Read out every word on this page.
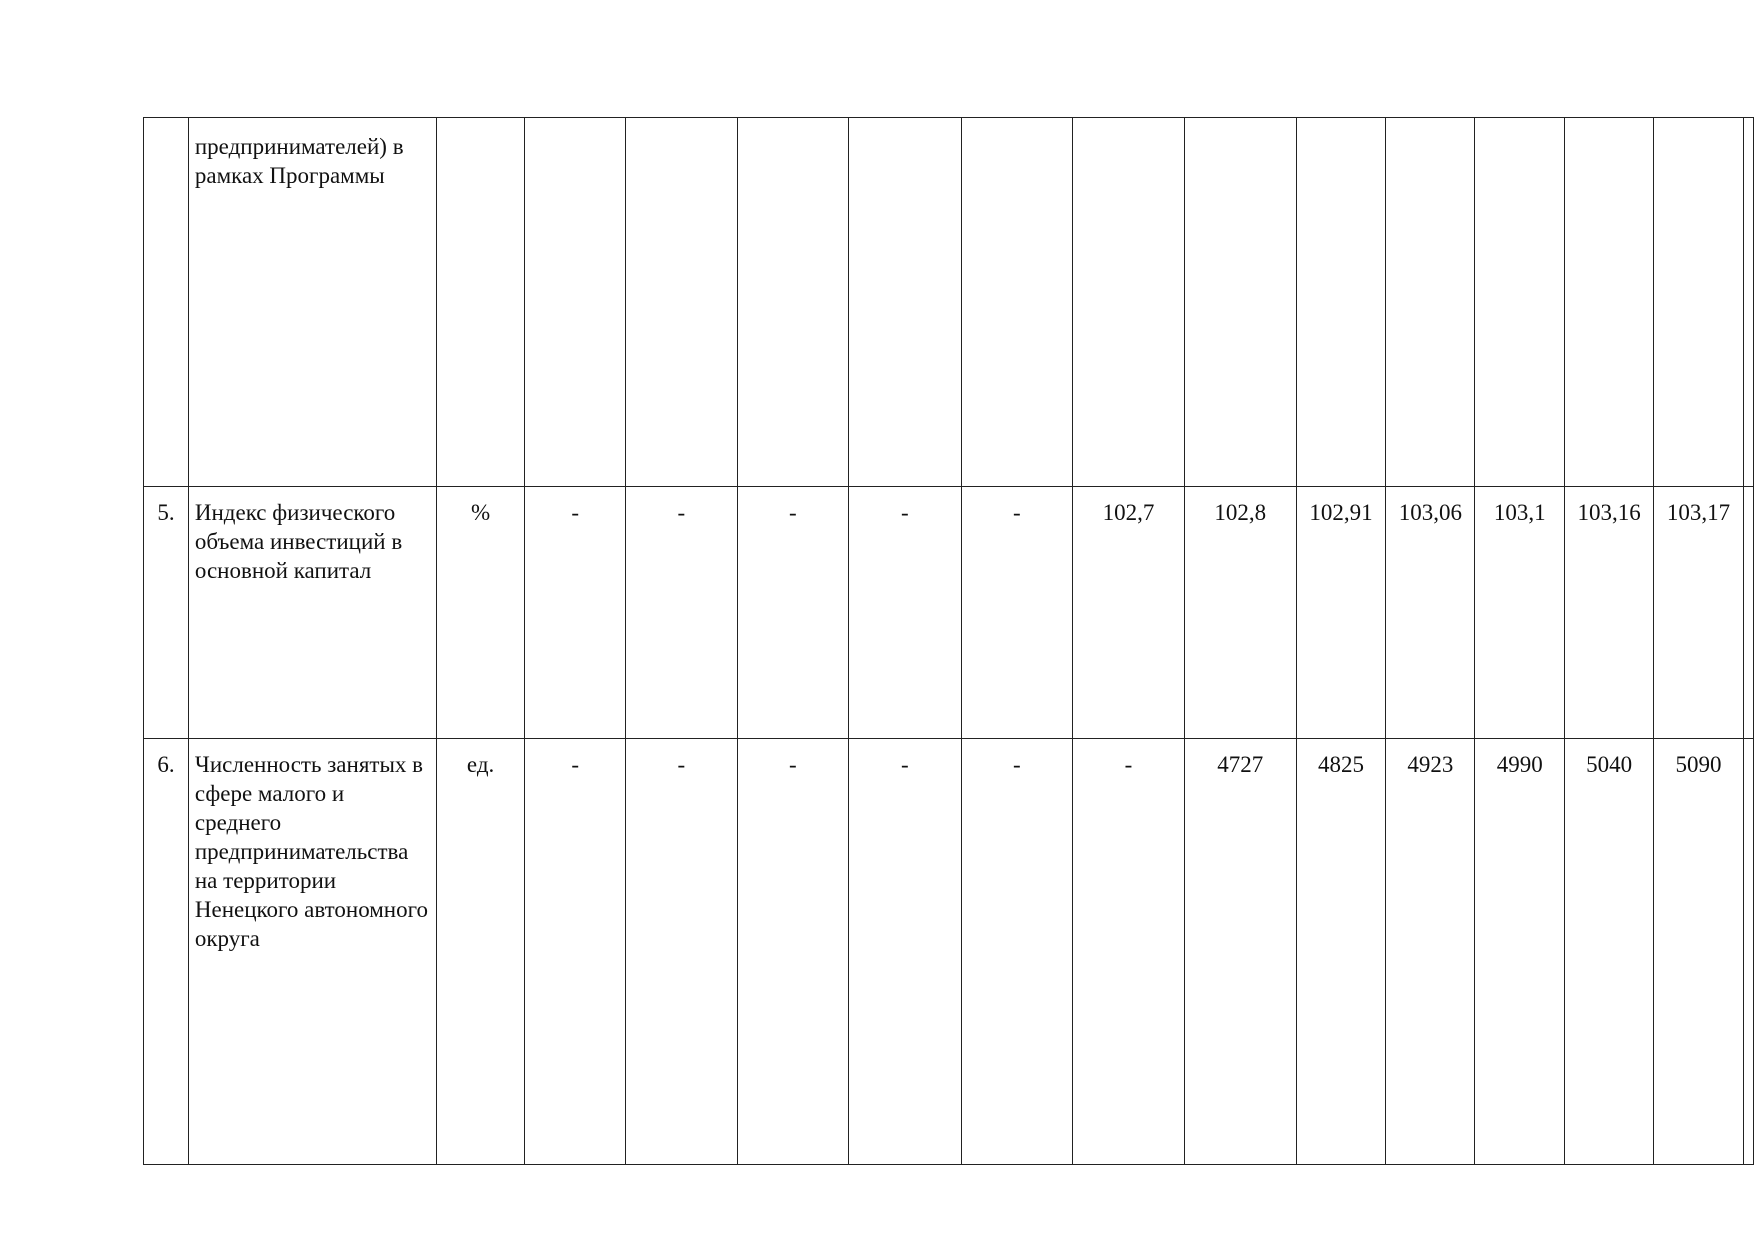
	предпринимателей) в рамках Программы														

5.	Индекс физического объема инвестиций в основной капитал	%	-	-	-	-	-	102,7	102,8	102,91	103,06	103,1	103,16	103,17	

6.	Численность занятых в сфере малого и среднего предпринимательства на территории Ненецкого автономного округа	ед.	-	-	-	-	-	-	4727	4825	4923	4990	5040	5090	
